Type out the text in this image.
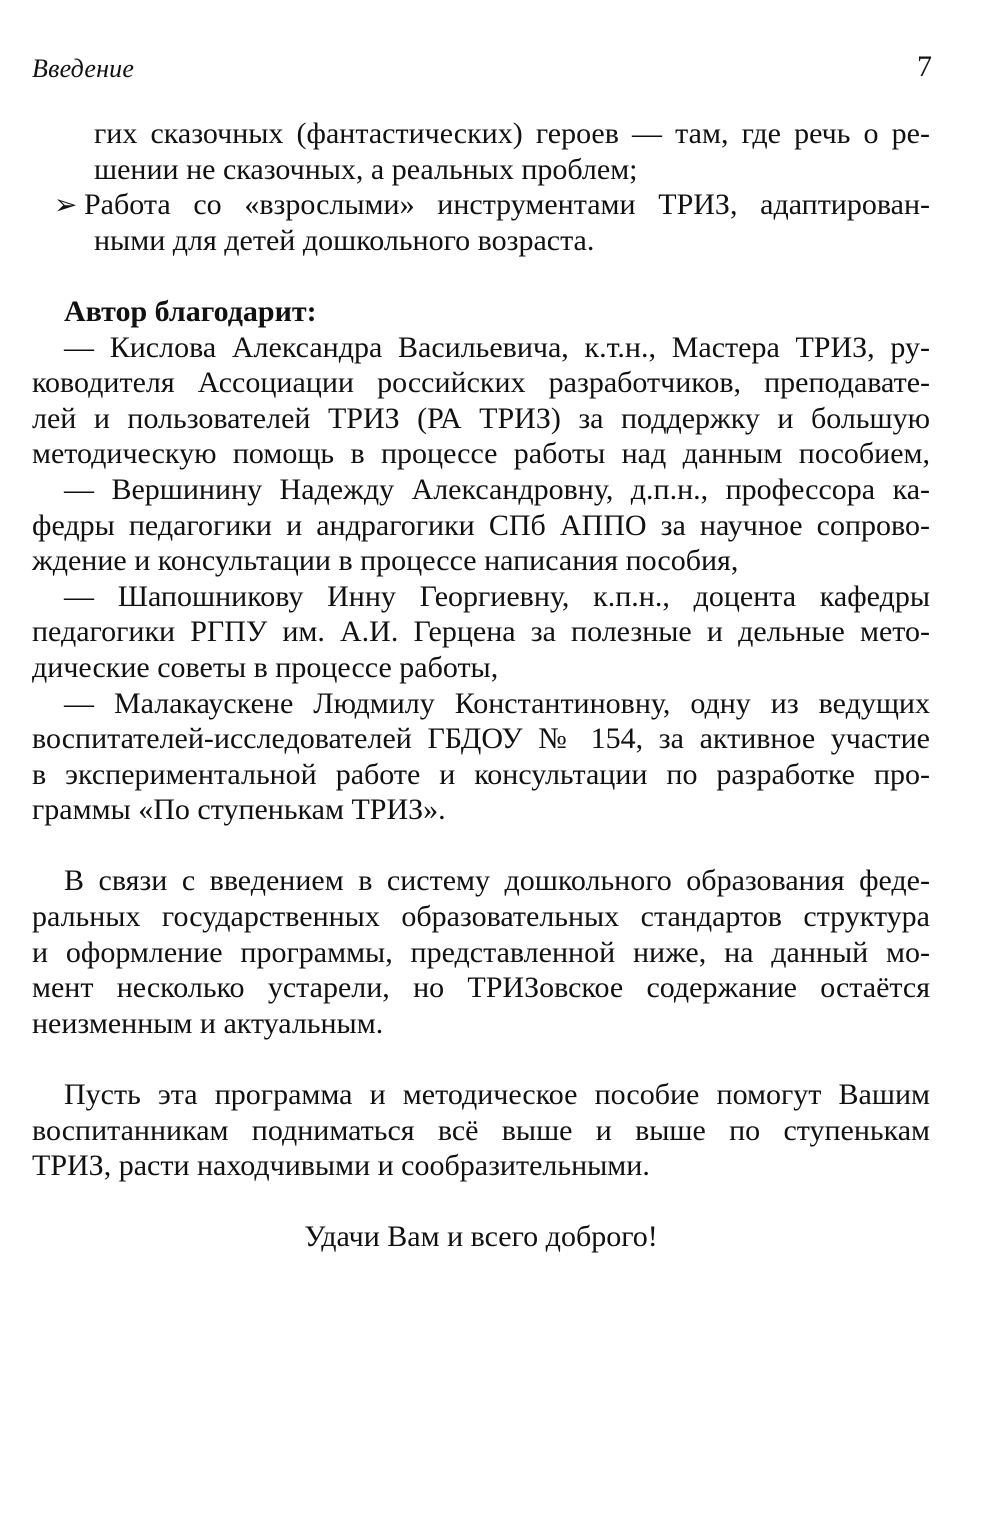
Введение	7
гих сказочных (фантастических) героев — там, где речь о ре-
шении не сказочных, а реальных проблем;
➢ Работа со «взрослыми» инструментами ТРИЗ, адаптирован-
ными для детей дошкольного возраста.
Автор благодарит:
— Кислова Александра Васильевича, к.т.н., Мастера ТРИЗ, ру-
ководителя Ассоциации российских разработчиков, преподавате-
лей и пользователей ТРИЗ (РА ТРИЗ) за поддержку и большую
методическую помощь в процессе работы над данным пособием,
— Вершинину Надежду Александровну, д.п.н., профессора ка-
федры педагогики и андрагогики СПб АППО за научное сопрово-
ждение и консультации в процессе написания пособия,
— Шапошникову Инну Георгиевну, к.п.н., доцента кафедры
педагогики РГПУ им. А.И. Герцена за полезные и дельные мето-
дические советы в процессе работы,
— Малакаускене Людмилу Константиновну, одну из ведущих
воспитателей-исследователей ГБДОУ № 154, за активное участие
в экспериментальной работе и консультации по разработке про-
граммы «По ступенькам ТРИЗ».
В связи с введением в систему дошкольного образования феде-
ральных государственных образовательных стандартов структура
и оформление программы, представленной ниже, на данный мо-
мент несколько устарели, но ТРИЗовское содержание остаётся
неизменным и актуальным.
Пусть эта программа и методическое пособие помогут Вашим
воспитанникам подниматься всё выше и выше по ступенькам
ТРИЗ, расти находчивыми и сообразительными.
Удачи Вам и всего доброго!
